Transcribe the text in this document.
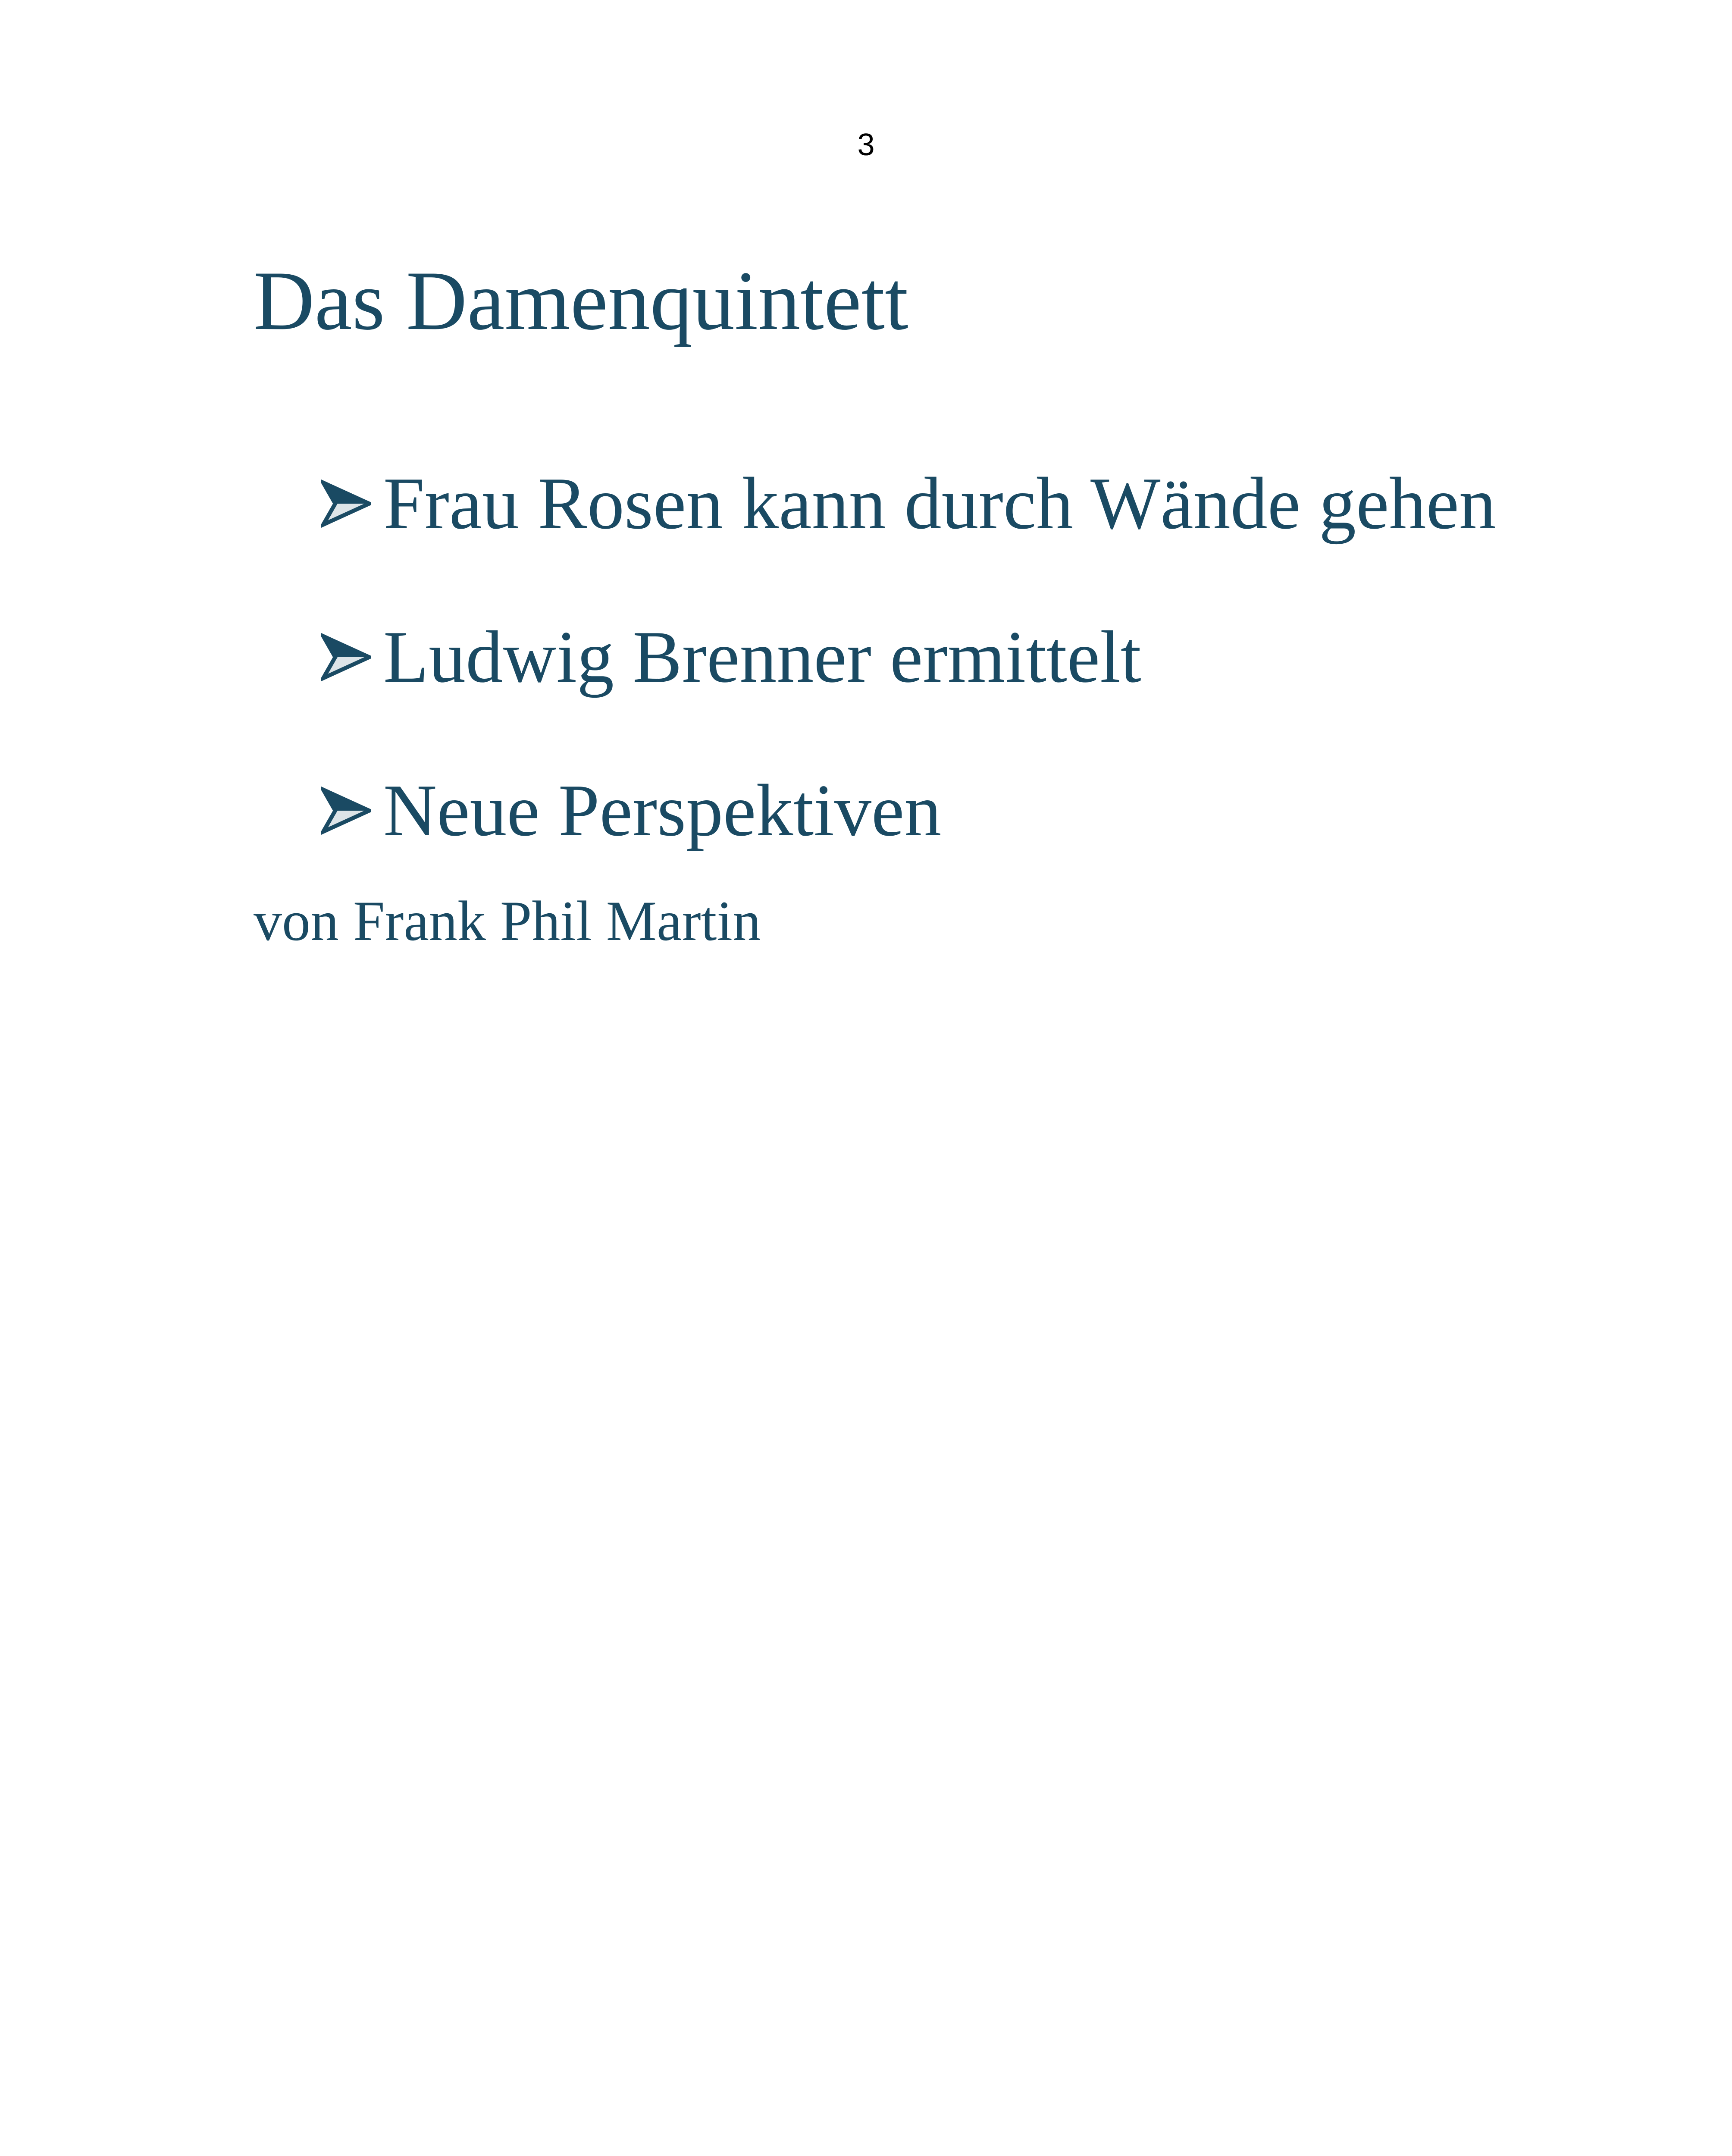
3
Das Damenquintett
Frau Rosen kann durch Wände gehen
Ludwig Brenner ermittelt
Neue Perspektiven
von Frank Phil Martin
